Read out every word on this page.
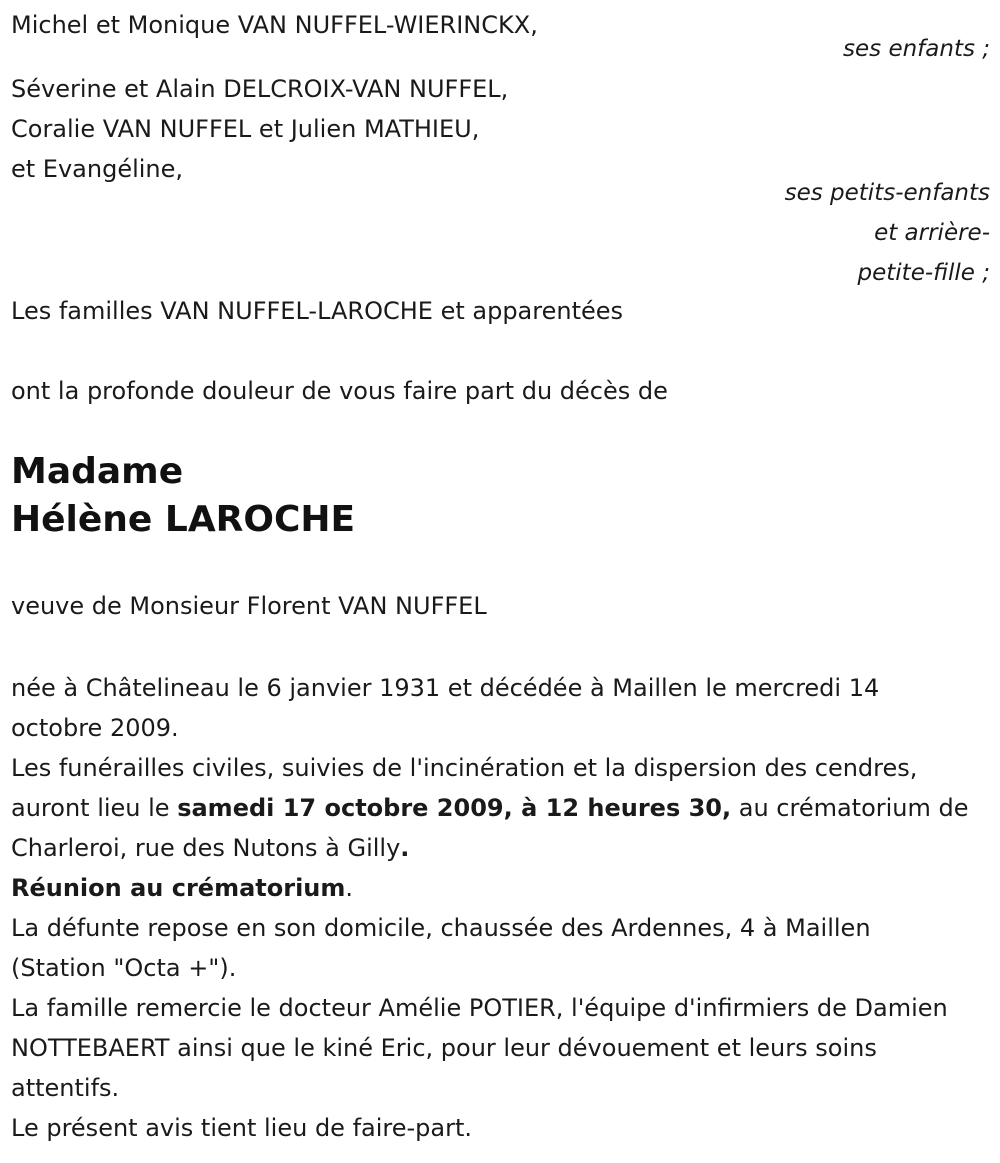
Michel et Monique VAN NUFFEL-WIERINCKX,
ses enfants ;
Séverine et Alain DELCROIX-VAN NUFFEL,
Coralie VAN NUFFEL et Julien MATHIEU,
et Evangéline,
ses petits-enfants
et arrière-
petite-fille ;
Les familles VAN NUFFEL-LAROCHE et apparentées
ont la profonde douleur de vous faire part du décès de
Madame
Hélène LAROCHE
veuve de Monsieur Florent VAN NUFFEL

née à Châtelineau le 6 janvier 1931 et décédée à Maillen le mercredi 14 octobre 2009.

Les funérailles civiles, suivies de l'incinération et la dispersion des cendres, auront lieu le samedi 17 octobre 2009, à 12 heures 30, au crématorium de Charleroi, rue des Nutons à Gilly.

Réunion au crématorium.

La défunte repose en son domicile, chaussée des Ardennes, 4 à Maillen (Station "Octa +").

La famille remercie le docteur Amélie POTIER, l'équipe d'infirmiers de Damien NOTTEBAERT ainsi que le kiné Eric, pour leur dévouement et leurs soins attentifs.

Le présent avis tient lieu de faire-part.
